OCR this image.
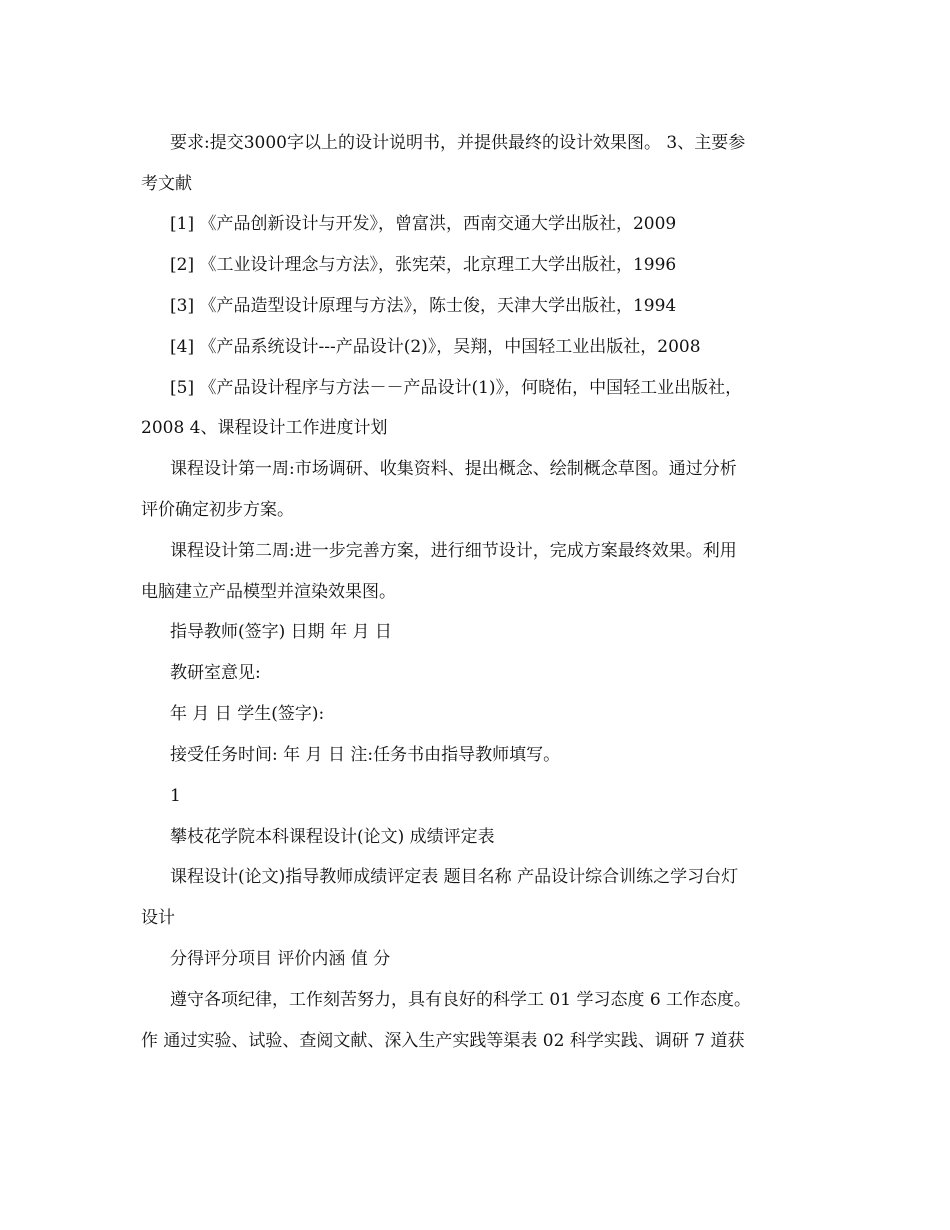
要求:提交3000字以上的设计说明书，并提供最终的设计效果图。 3、主要参
考文献
[1] 《产品创新设计与开发》，曾富洪，西南交通大学出版社，2009
[2] 《工业设计理念与方法》，张宪荣，北京理工大学出版社，1996
[3] 《产品造型设计原理与方法》，陈士俊，天津大学出版社，1994
[4] 《产品系统设计---产品设计(2)》，吴翔，中国轻工业出版社，2008
[5] 《产品设计程序与方法－－产品设计(1)》，何晓佑，中国轻工业出版社，
2008 4、课程设计工作进度计划
课程设计第一周:市场调研、收集资料、提出概念、绘制概念草图。通过分析
评价确定初步方案。
课程设计第二周:进一步完善方案，进行细节设计，完成方案最终效果。利用
电脑建立产品模型并渲染效果图。
指导教师(签字) 日期 年 月 日
教研室意见:
年 月 日 学生(签字):
接受任务时间: 年 月 日 注:任务书由指导教师填写。
1
攀枝花学院本科课程设计(论文) 成绩评定表
课程设计(论文)指导教师成绩评定表 题目名称 产品设计综合训练之学习台灯
设计
分得评分项目 评价内涵 值 分
遵守各项纪律，工作刻苦努力，具有良好的科学工 01 学习态度 6 工作态度。
作 通过实验、试验、查阅文献、深入生产实践等渠表 02 科学实践、调研 7 道获
